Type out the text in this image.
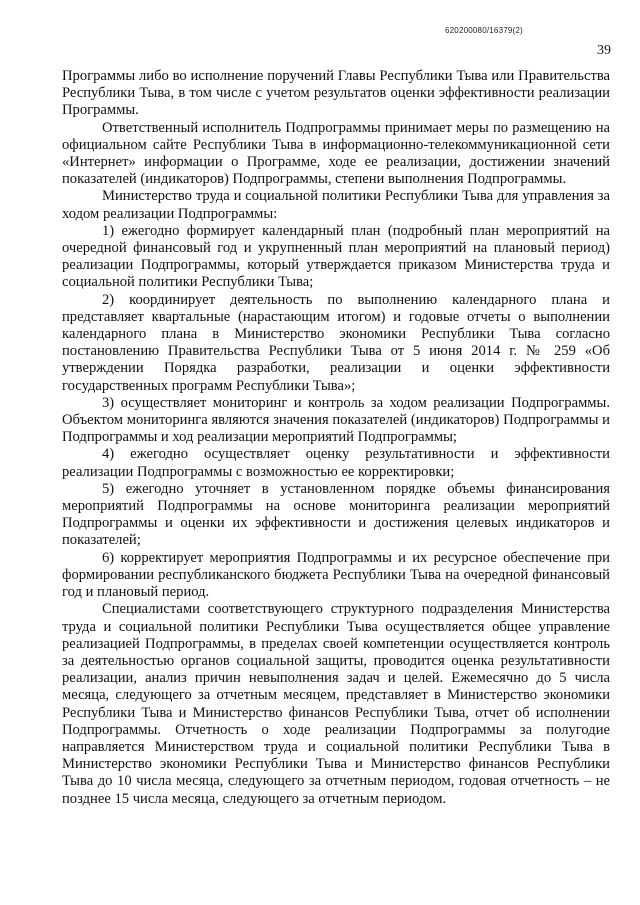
620200080/16379(2)
39

Программы либо во исполнение поручений Главы Республики Тыва или Правительства Республики Тыва, в том числе с учетом результатов оценки эффективности реализации Программы.

Ответственный исполнитель Подпрограммы принимает меры по размещению на официальном сайте Республики Тыва в информационно-телекоммуникационной сети «Интернет» информации о Программе, ходе ее реализации, достижении значений показателей (индикаторов) Подпрограммы, степени выполнения Подпрограммы.

Министерство труда и социальной политики Республики Тыва для управления за ходом реализации Подпрограммы:

1) ежегодно формирует календарный план (подробный план мероприятий на очередной финансовый год и укрупненный план мероприятий на плановый период) реализации Подпрограммы, который утверждается приказом Министерства труда и социальной политики Республики Тыва;

2) координирует деятельность по выполнению календарного плана и представляет квартальные (нарастающим итогом) и годовые отчеты о выполнении календарного плана в Министерство экономики Республики Тыва согласно постановлению Правительства Республики Тыва от 5 июня 2014 г. № 259 «Об утверждении Порядка разработки, реализации и оценки эффективности государственных программ Республики Тыва»;

3) осуществляет мониторинг и контроль за ходом реализации Подпрограммы. Объектом мониторинга являются значения показателей (индикаторов) Подпрограммы и Подпрограммы и ход реализации мероприятий Подпрограммы;

4) ежегодно осуществляет оценку результативности и эффективности реализации Подпрограммы с возможностью ее корректировки;

5) ежегодно уточняет в установленном порядке объемы финансирования мероприятий Подпрограммы на основе мониторинга реализации мероприятий Подпрограммы и оценки их эффективности и достижения целевых индикаторов и показателей;

6) корректирует мероприятия Подпрограммы и их ресурсное обеспечение при формировании республиканского бюджета Республики Тыва на очередной финансовый год и плановый период.

Специалистами соответствующего структурного подразделения Министерства труда и социальной политики Республики Тыва осуществляется общее управление реализацией Подпрограммы, в пределах своей компетенции осуществляется контроль за деятельностью органов социальной защиты, проводится оценка результативности реализации, анализ причин невыполнения задач и целей. Ежемесячно до 5 числа месяца, следующего за отчетным месяцем, представляет в Министерство экономики Республики Тыва и Министерство финансов Республики Тыва, отчет об исполнении Подпрограммы. Отчетность о ходе реализации Подпрограммы за полугодие направляется Министерством труда и социальной политики Республики Тыва в Министерство экономики Республики Тыва и Министерство финансов Республики Тыва до 10 числа месяца, следующего за отчетным периодом, годовая отчетность – не позднее 15 числа месяца, следующего за отчетным периодом.
